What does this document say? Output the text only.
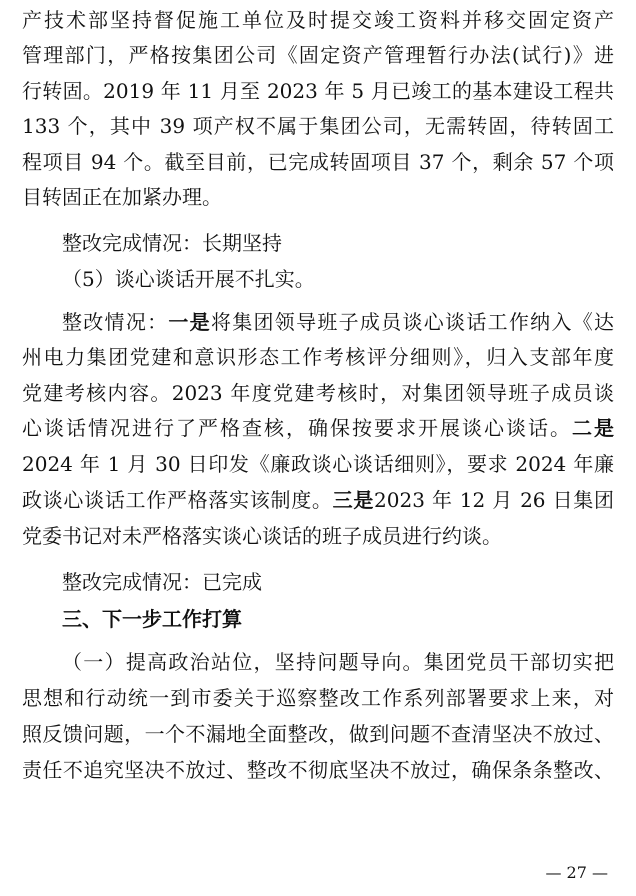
产技术部坚持督促施工单位及时提交竣工资料并移交固定资产
管理部门，严格按集团公司《固定资产管理暂行办法(试行)》进
行转固。2019 年 11 月至 2023 年 5 月已竣工的基本建设工程共
133 个，其中 39 项产权不属于集团公司，无需转固，待转固工
程项目 94 个。截至目前，已完成转固项目 37 个，剩余 57 个项
目转固正在加紧办理。
整改完成情况：长期坚持
（5）谈心谈话开展不扎实。
整改情况：一是将集团领导班子成员谈心谈话工作纳入《达
州电力集团党建和意识形态工作考核评分细则》，归入支部年度
党建考核内容。2023 年度党建考核时，对集团领导班子成员谈
心谈话情况进行了严格查核，确保按要求开展谈心谈话。二是
2024 年 1 月 30 日印发《廉政谈心谈话细则》，要求 2024 年廉
政谈心谈话工作严格落实该制度。三是2023 年 12 月 26 日集团
党委书记对未严格落实谈心谈话的班子成员进行约谈。
整改完成情况：已完成
三、下一步工作打算
（一）提高政治站位，坚持问题导向。集团党员干部切实把
思想和行动统一到市委关于巡察整改工作系列部署要求上来，对
照反馈问题，一个不漏地全面整改，做到问题不查清坚决不放过、
责任不追究坚决不放过、整改不彻底坚决不放过，确保条条整改、
— 27 —
